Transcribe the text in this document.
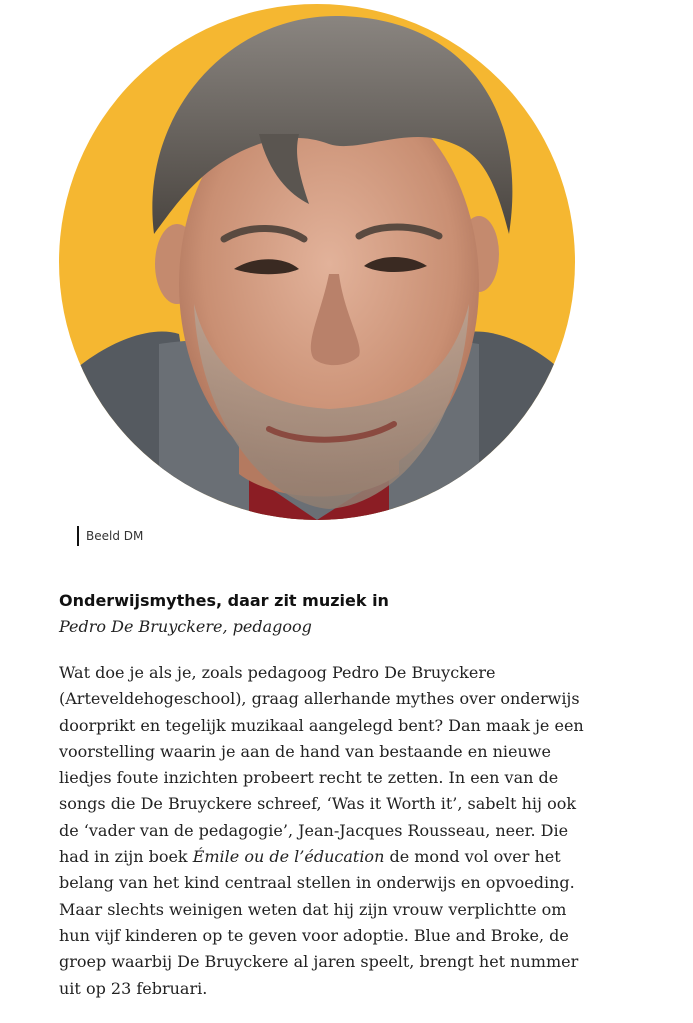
Beeld DM
Onderwijsmythes, daar zit muziek in

Pedro De Bruyckere, pedagoog

Wat doe je als je, zoals pedagoog Pedro De Bruyckere
(Arteveldehogeschool), graag allerhande mythes over onderwijs
doorprikt en tegelijk muzikaal aangelegd bent? Dan maak je een
voorstelling waarin je aan de hand van bestaande en nieuwe
liedjes foute inzichten probeert recht te zetten. In een van de
songs die De Bruyckere schreef, ‘Was it Worth it’, sabelt hij ook
de ‘vader van de pedagogie’, Jean-Jacques Rousseau, neer. Die
had in zijn boek Émile ou de l’éducation de mond vol over het
belang van het kind centraal stellen in onderwijs en opvoeding.
Maar slechts weinigen weten dat hij zijn vrouw verplichtte om
hun vijf kinderen op te geven voor adoptie. Blue and Broke, de
groep waarbij De Bruyckere al jaren speelt, brengt het nummer
uit op 23 februari.
